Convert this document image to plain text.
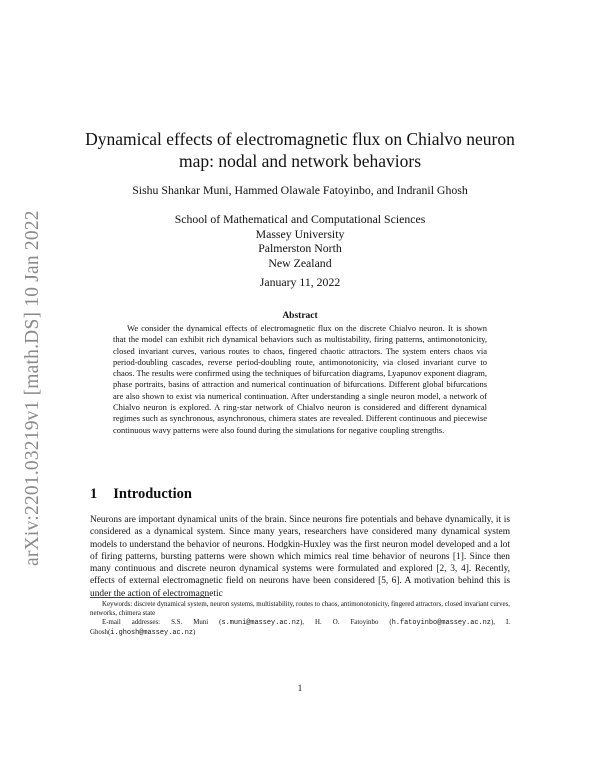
arXiv:2201.03219v1 [math.DS] 10 Jan 2022
Dynamical effects of electromagnetic flux on Chialvo neuron map: nodal and network behaviors
Sishu Shankar Muni, Hammed Olawale Fatoyinbo, and Indranil Ghosh
School of Mathematical and Computational Sciences
Massey University
Palmerston North
New Zealand
January 11, 2022
Abstract

We consider the dynamical effects of electromagnetic flux on the discrete Chialvo neuron. It is shown that the model can exhibit rich dynamical behaviors such as multistability, firing patterns, antimonotonicity, closed invariant curves, various routes to chaos, fingered chaotic attractors. The system enters chaos via period-doubling cascades, reverse period-doubling route, antimonotonicity, via closed invariant curve to chaos. The results were confirmed using the techniques of bifurcation diagrams, Lyapunov exponent diagram, phase portraits, basins of attraction and numerical continuation of bifurcations. Different global bifurcations are also shown to exist via numerical continuation. After understanding a single neuron model, a network of Chialvo neuron is explored. A ring-star network of Chialvo neuron is considered and different dynamical regimes such as synchronous, asynchronous, chimera states are revealed. Different continuous and piecewise continuous wavy patterns were also found during the simulations for negative coupling strengths.

1 Introduction

Neurons are important dynamical units of the brain. Since neurons fire potentials and behave dynamically, it is considered as a dynamical system. Since many years, researchers have considered many dynamical system models to understand the behavior of neurons. Hodgkin-Huxley was the first neuron model developed and a lot of firing patterns, bursting patterns were shown which mimics real time behavior of neurons [1]. Since then many continuous and discrete neuron dynamical systems were formulated and explored [2, 3, 4]. Recently, effects of external electromagnetic field on neurons have been considered [5, 6]. A motivation behind this is under the action of electromagnetic

Keywords: discrete dynamical system, neuron systems, multistability, routes to chaos, antimonotonicity, fingered attractors, closed invariant curves, networks, chimera state

E-mail addresses: S.S. Muni (s.muni@massey.ac.nz), H. O. Fatoyinbo (h.fatoyinbo@massey.ac.nz), I. Ghosh(i.ghosh@massey.ac.nz)

1
